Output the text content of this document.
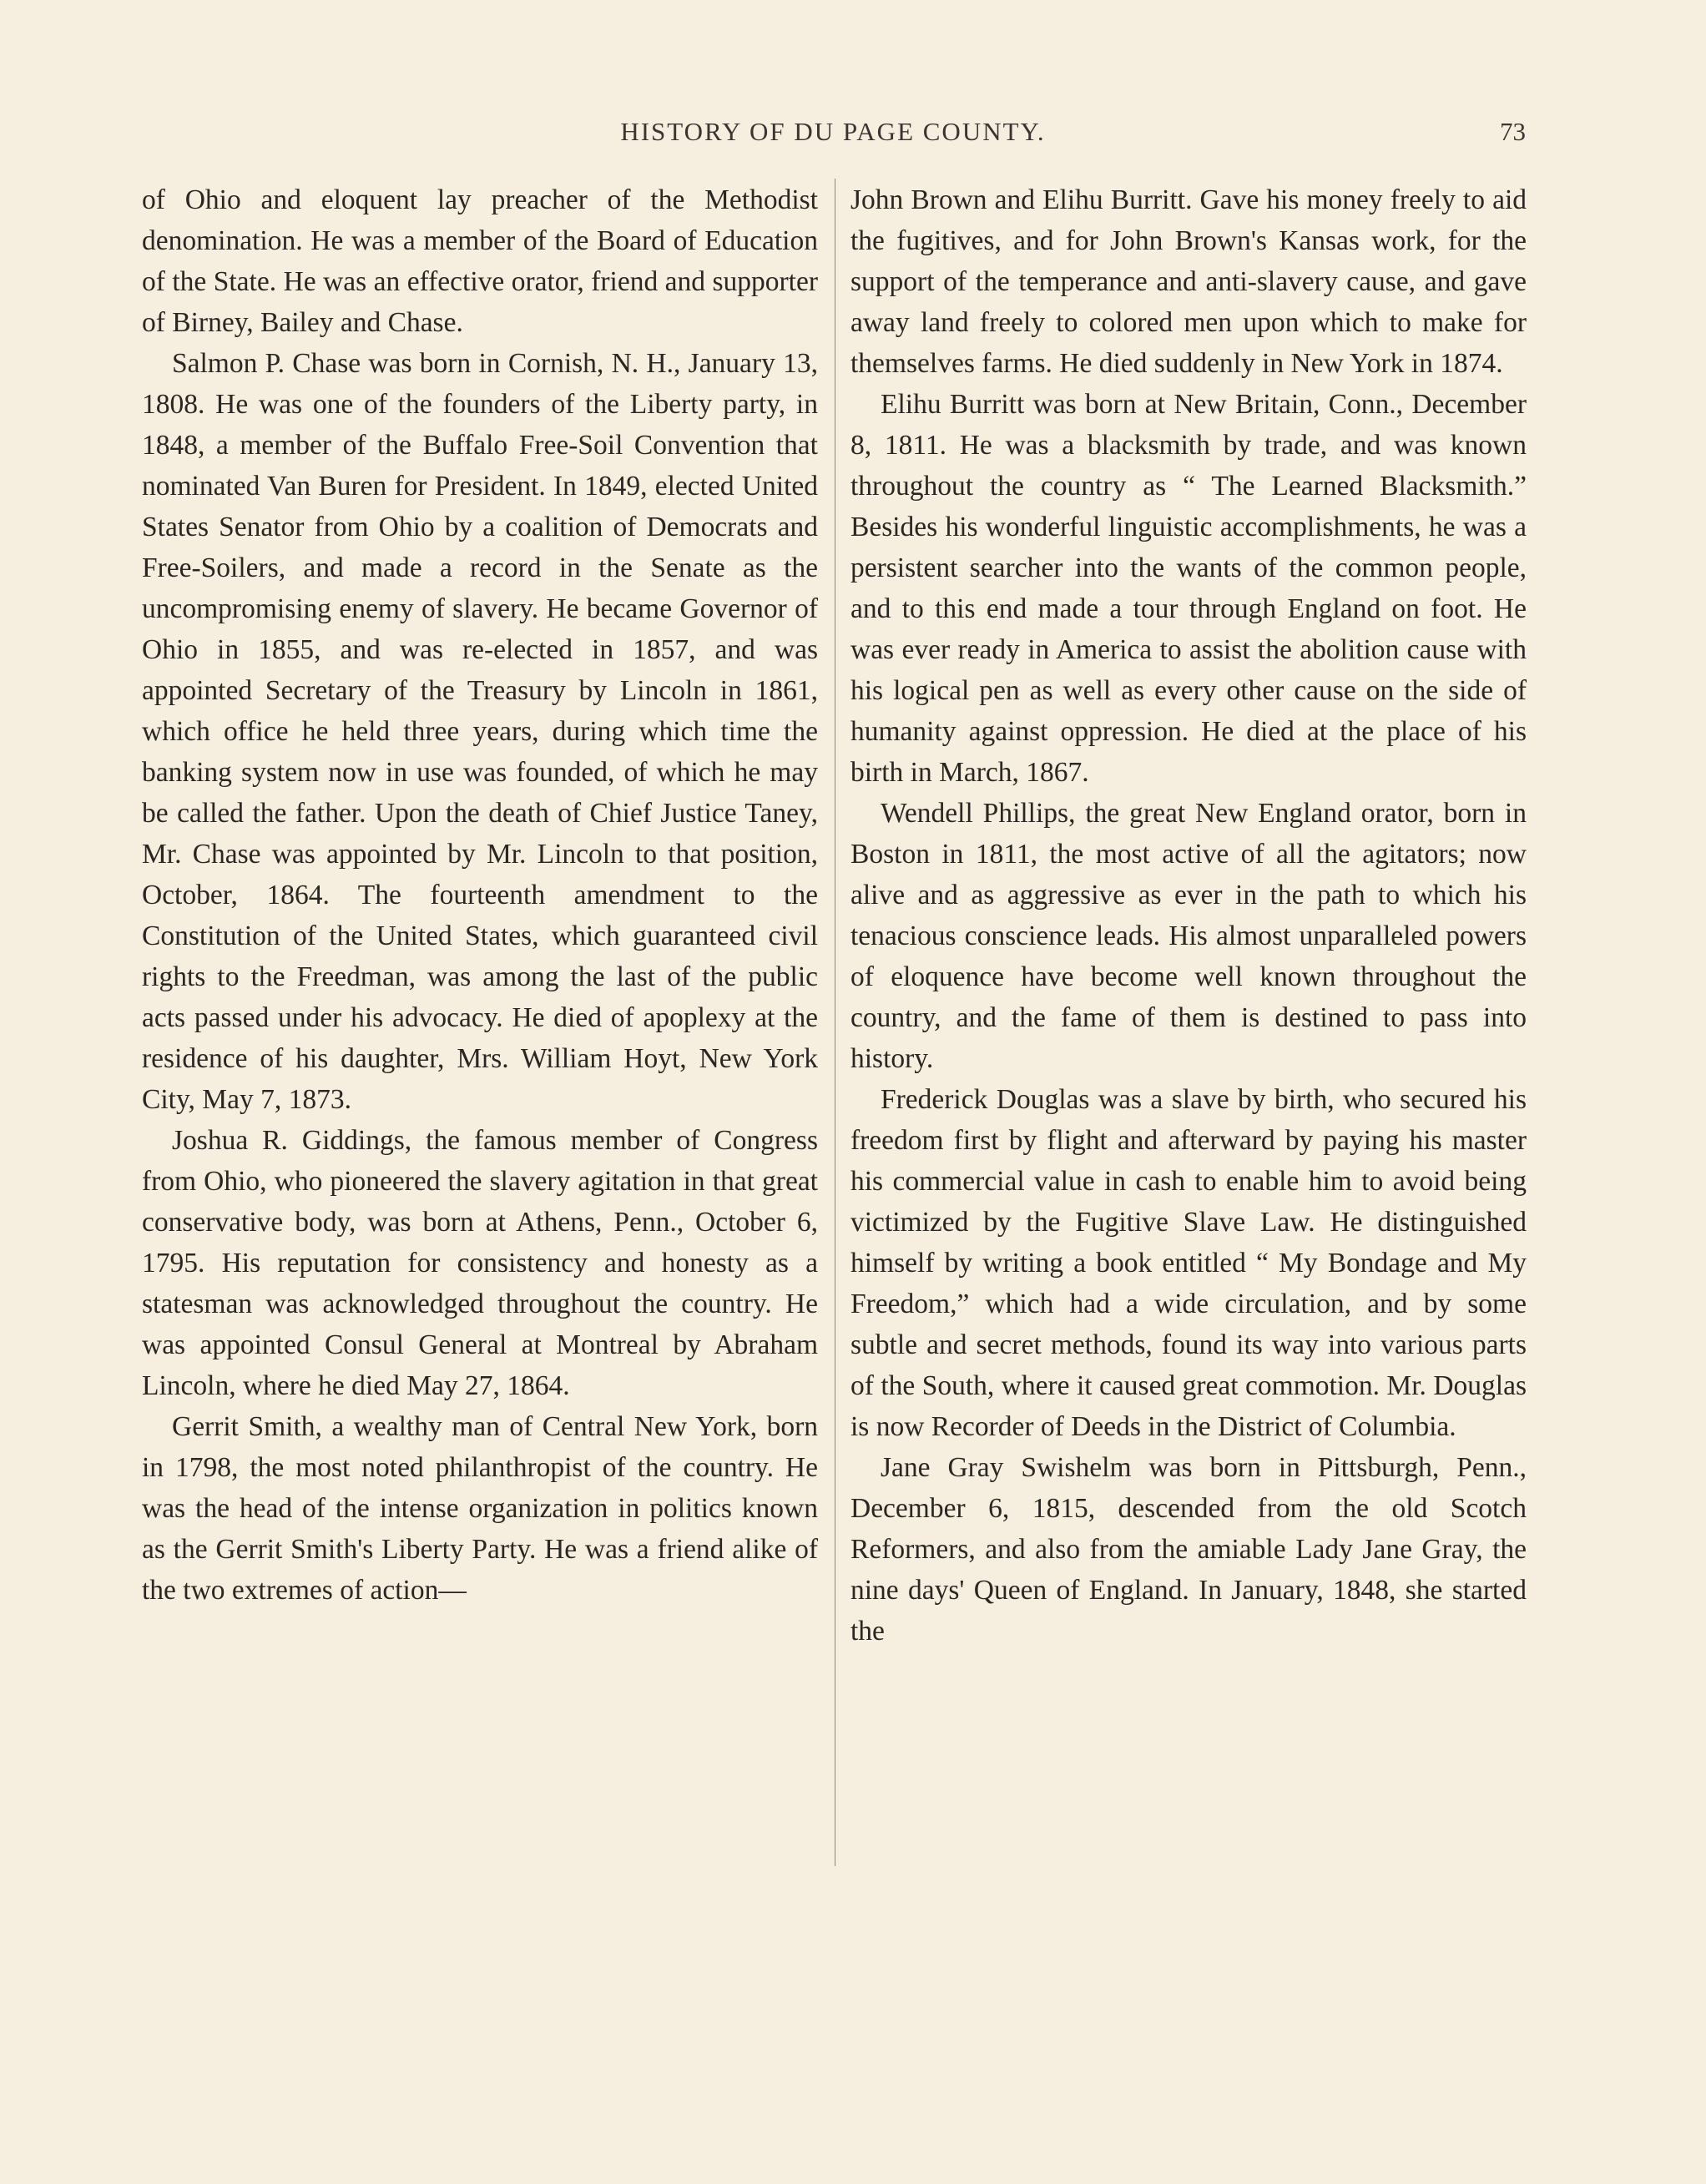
HISTORY OF DU PAGE COUNTY.	73

of Ohio and eloquent lay preacher of the Methodist denomination. He was a member of the Board of Education of the State. He was an effective orator, friend and supporter of Birney, Bailey and Chase.

Salmon P. Chase was born in Cornish, N. H., January 13, 1808. He was one of the founders of the Liberty party, in 1848, a member of the Buffalo Free-Soil Convention that nominated Van Buren for President. In 1849, elected United States Senator from Ohio by a coalition of Democrats and Free-Soilers, and made a record in the Senate as the uncompromising enemy of slavery. He became Governor of Ohio in 1855, and was re-elected in 1857, and was appointed Secretary of the Treasury by Lincoln in 1861, which office he held three years, during which time the banking system now in use was founded, of which he may be called the father. Upon the death of Chief Justice Taney, Mr. Chase was appointed by Mr. Lincoln to that position, October, 1864. The fourteenth amendment to the Constitution of the United States, which guaranteed civil rights to the Freedman, was among the last of the public acts passed under his advocacy. He died of apoplexy at the residence of his daughter, Mrs. William Hoyt, New York City, May 7, 1873.

Joshua R. Giddings, the famous member of Congress from Ohio, who pioneered the slavery agitation in that great conservative body, was born at Athens, Penn., October 6, 1795. His reputation for consistency and honesty as a statesman was acknowledged throughout the country. He was appointed Consul General at Montreal by Abraham Lincoln, where he died May 27, 1864.

Gerrit Smith, a wealthy man of Central New York, born in 1798, the most noted philanthropist of the country. He was the head of the intense organization in politics known as the Gerrit Smith's Liberty Party. He was a friend alike of the two extremes of action—

John Brown and Elihu Burritt. Gave his money freely to aid the fugitives, and for John Brown's Kansas work, for the support of the temperance and anti-slavery cause, and gave away land freely to colored men upon which to make for themselves farms. He died suddenly in New York in 1874.

Elihu Burritt was born at New Britain, Conn., December 8, 1811. He was a blacksmith by trade, and was known throughout the country as “ The Learned Blacksmith.” Besides his wonderful linguistic accomplishments, he was a persistent searcher into the wants of the common people, and to this end made a tour through England on foot. He was ever ready in America to assist the abolition cause with his logical pen as well as every other cause on the side of humanity against oppression. He died at the place of his birth in March, 1867.

Wendell Phillips, the great New England orator, born in Boston in 1811, the most active of all the agitators; now alive and as aggressive as ever in the path to which his tenacious conscience leads. His almost unparalleled powers of eloquence have become well known throughout the country, and the fame of them is destined to pass into history.

Frederick Douglas was a slave by birth, who secured his freedom first by flight and afterward by paying his master his commercial value in cash to enable him to avoid being victimized by the Fugitive Slave Law. He distinguished himself by writing a book entitled “ My Bondage and My Freedom,” which had a wide circulation, and by some subtle and secret methods, found its way into various parts of the South, where it caused great commotion. Mr. Douglas is now Recorder of Deeds in the District of Columbia.

Jane Gray Swishelm was born in Pittsburgh, Penn., December 6, 1815, descended from the old Scotch Reformers, and also from the amiable Lady Jane Gray, the nine days' Queen of England. In January, 1848, she started the
